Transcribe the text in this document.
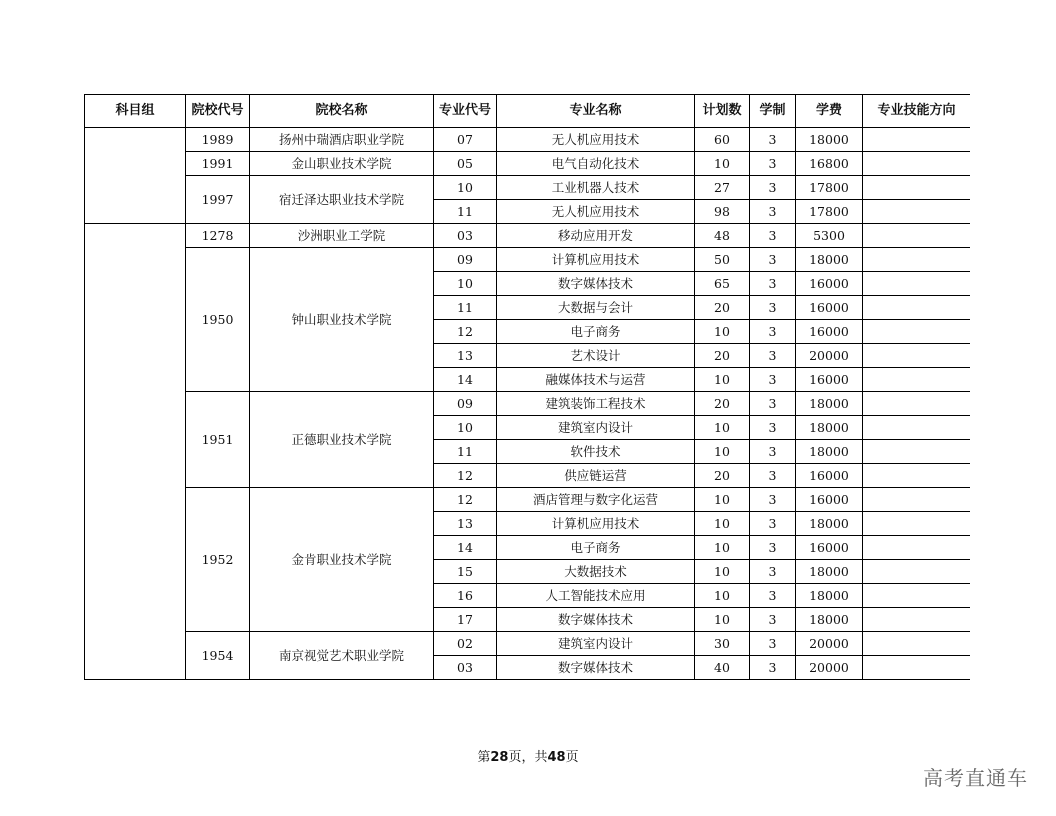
科目组	院校代号	院校名称	专业代号	专业名称	计划数	学制	学费	专业技能方向
	1989	扬州中瑞酒店职业学院	07	无人机应用技术	60	3	18000	
	1991	金山职业技术学院	05	电气自动化技术	10	3	16800	
	1997	宿迁泽达职业技术学院	10	工业机器人技术	27	3	17800	
			11	无人机应用技术	98	3	17800	
	1278	沙洲职业工学院	03	移动应用开发	48	3	5300	
	1950	钟山职业技术学院	09	计算机应用技术	50	3	18000	
			10	数字媒体技术	65	3	16000	
			11	大数据与会计	20	3	16000	
			12	电子商务	10	3	16000	
			13	艺术设计	20	3	20000	
			14	融媒体技术与运营	10	3	16000	
	1951	正德职业技术学院	09	建筑装饰工程技术	20	3	18000	
			10	建筑室内设计	10	3	18000	
			11	软件技术	10	3	18000	
			12	供应链运营	20	3	16000	
	1952	金肯职业技术学院	12	酒店管理与数字化运营	10	3	16000	
			13	计算机应用技术	10	3	18000	
			14	电子商务	10	3	16000	
			15	大数据技术	10	3	18000	
			16	人工智能技术应用	10	3	18000	
			17	数字媒体技术	10	3	18000	
	1954	南京视觉艺术职业学院	02	建筑室内设计	30	3	20000	
			03	数字媒体技术	40	3	20000	
第28页，共48页
高考直通车
